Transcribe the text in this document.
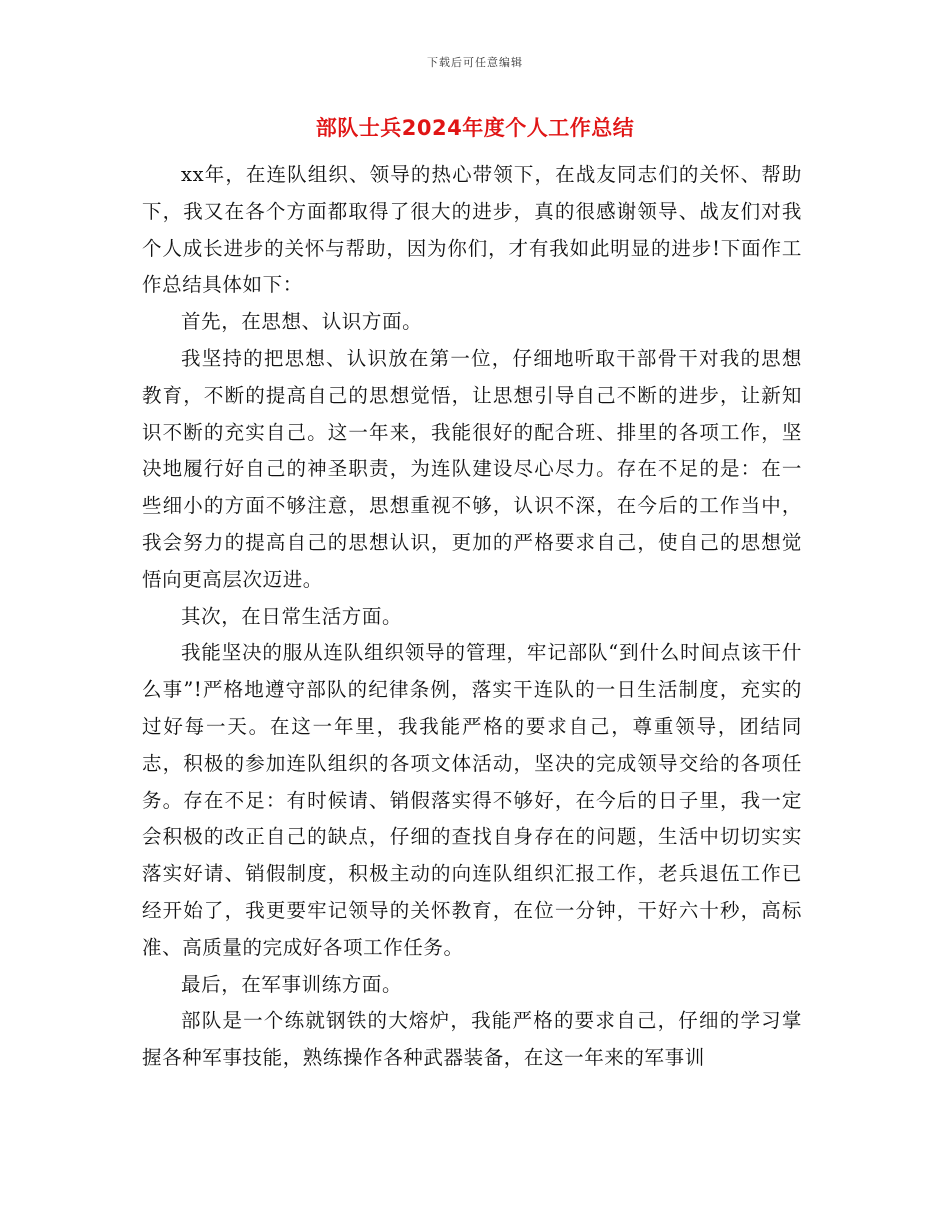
下载后可任意编辑
部队士兵2024年度个人工作总结

xx年，在连队组织、领导的热心带领下，在战友同志们的关怀、帮助下，我又在各个方面都取得了很大的进步，真的很感谢领导、战友们对我个人成长进步的关怀与帮助，因为你们，才有我如此明显的进步!下面作工作总结具体如下：

首先，在思想、认识方面。

我坚持的把思想、认识放在第一位，仔细地听取干部骨干对我的思想教育，不断的提高自己的思想觉悟，让思想引导自己不断的进步，让新知识不断的充实自己。这一年来，我能很好的配合班、排里的各项工作，坚决地履行好自己的神圣职责，为连队建设尽心尽力。存在不足的是：在一些细小的方面不够注意，思想重视不够，认识不深，在今后的工作当中，我会努力的提高自己的思想认识，更加的严格要求自己，使自己的思想觉悟向更高层次迈进。

其次，在日常生活方面。

我能坚决的服从连队组织领导的管理，牢记部队“到什么时间点该干什么事”!严格地遵守部队的纪律条例，落实干连队的一日生活制度，充实的过好每一天。在这一年里，我我能严格的要求自己，尊重领导，团结同志，积极的参加连队组织的各项文体活动，坚决的完成领导交给的各项任务。存在不足：有时候请、销假落实得不够好，在今后的日子里，我一定会积极的改正自己的缺点，仔细的查找自身存在的问题，生活中切切实实落实好请、销假制度，积极主动的向连队组织汇报工作，老兵退伍工作已经开始了，我更要牢记领导的关怀教育，在位一分钟，干好六十秒，高标准、高质量的完成好各项工作任务。

最后，在军事训练方面。

部队是一个练就钢铁的大熔炉，我能严格的要求自己，仔细的学习掌握各种军事技能，熟练操作各种武器装备，在这一年来的军事训
